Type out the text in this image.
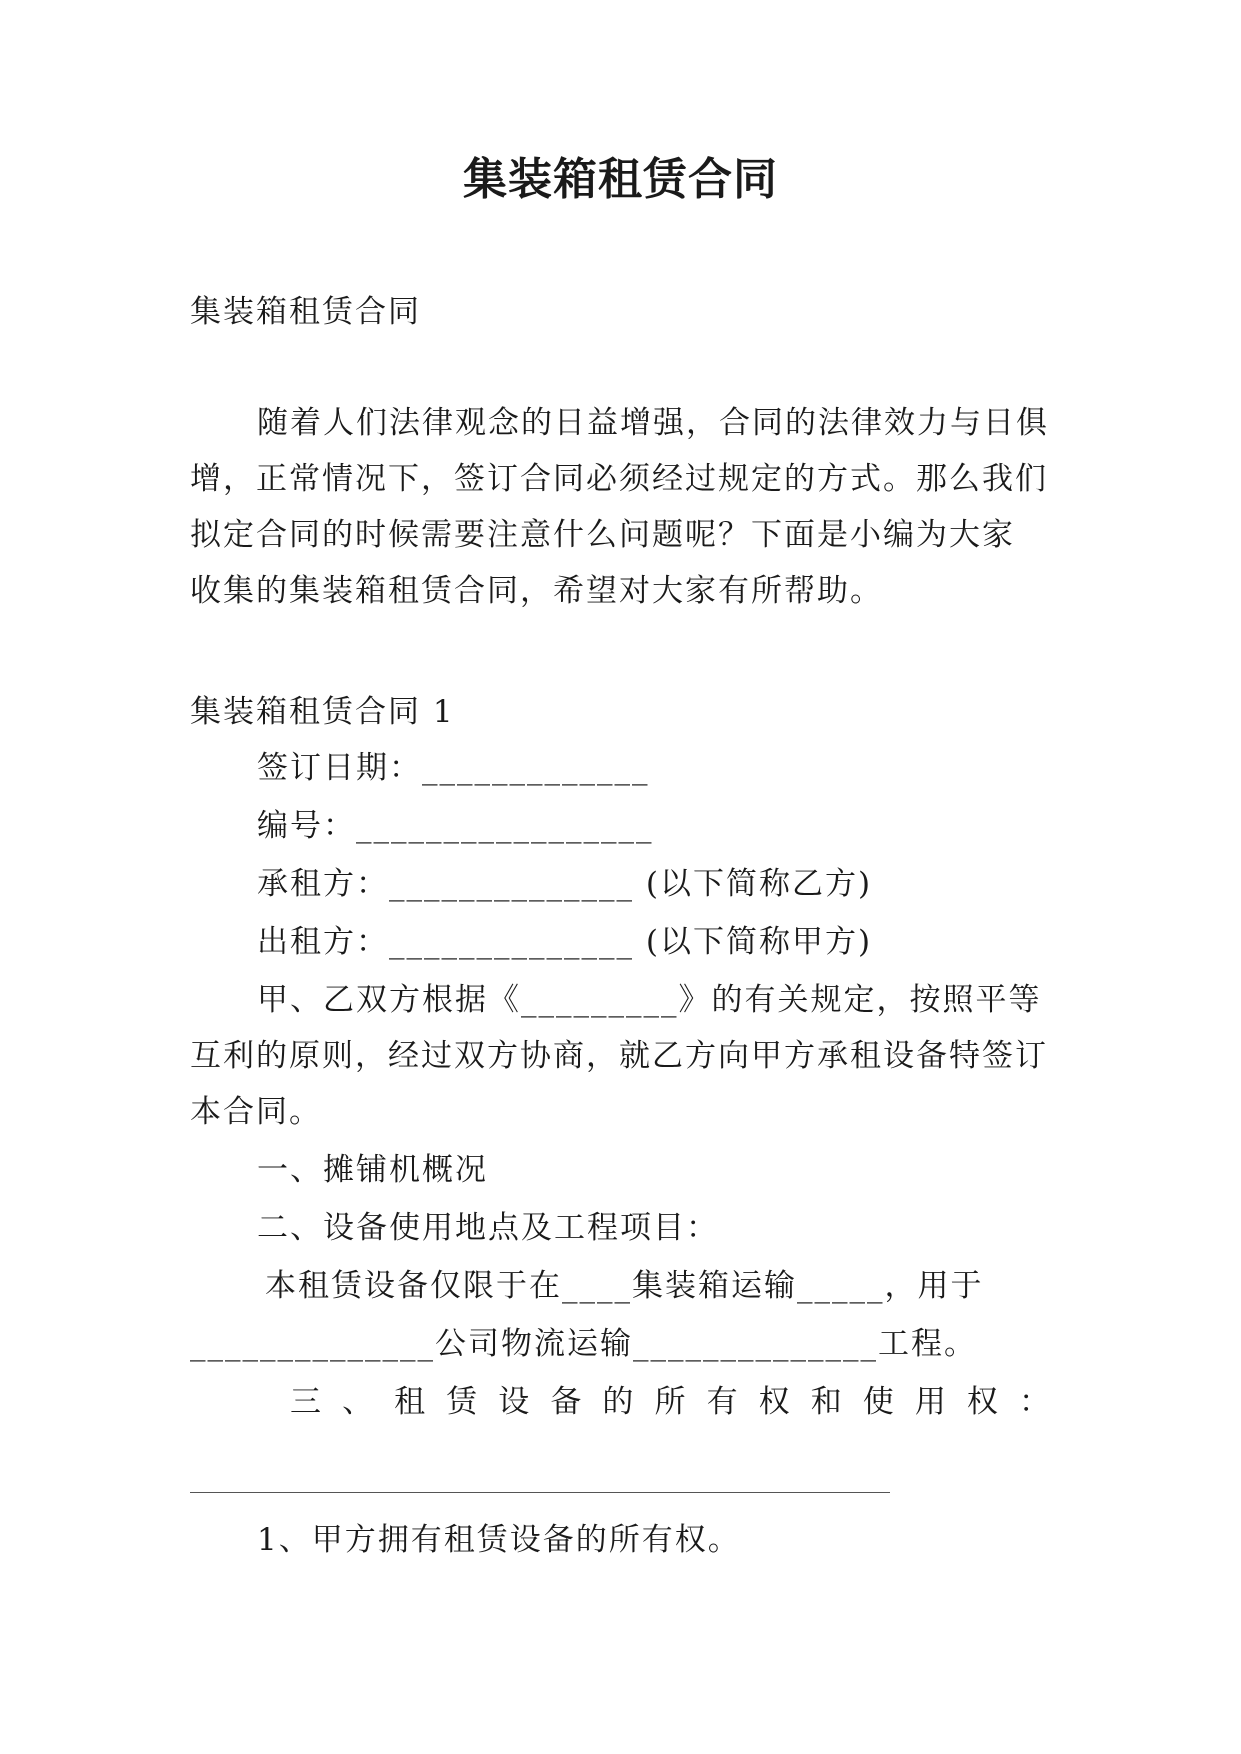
集装箱租赁合同
集装箱租赁合同
随着人们法律观念的日益增强，合同的法律效力与日俱
增，正常情况下，签订合同必须经过规定的方式。那么我们
拟定合同的时候需要注意什么问题呢？下面是小编为大家
收集的集装箱租赁合同，希望对大家有所帮助。
集装箱租赁合同 1
签订日期：_____________
编号：_________________
承租方：______________ (以下简称乙方)
出租方：______________ (以下简称甲方)
甲、乙双方根据《_________》的有关规定，按照平等
互利的原则，经过双方协商，就乙方向甲方承租设备特签订
本合同。
一、摊铺机概况
二、设备使用地点及工程项目：
本租赁设备仅限于在____集装箱运输_____，用于
______________公司物流运输______________工程。
三、租赁设备的所有权和使用权：
1、甲方拥有租赁设备的所有权。
